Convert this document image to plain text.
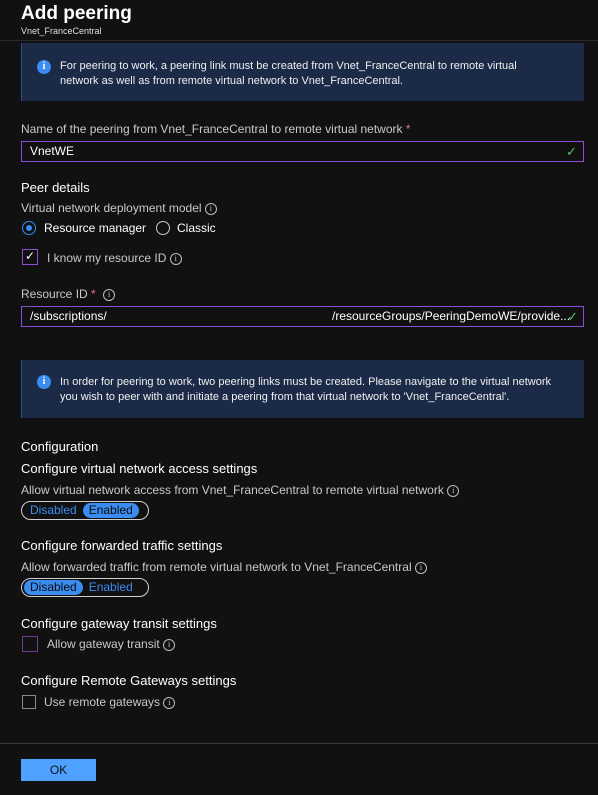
Add peering
Vnet_FranceCentral
i	For peering to work, a peering link must be created from Vnet_FranceCentral to remote virtual network as well as from remote virtual network to Vnet_FranceCentral.
Name of the peering from Vnet_FranceCentral to remote virtual network *
VnetWE	✓
Peer details
Virtual network deployment model i
Resource manager	Classic
✓ I know my resource ID i
Resource ID * i
/subscriptions/	/resourceGroups/PeeringDemoWE/provide...
✓
i	In order for peering to work, two peering links must be created. Please navigate to the virtual network you wish to peer with and initiate a peering from that virtual network to 'Vnet_FranceCentral'.
Configuration
Configure virtual network access settings
Allow virtual network access from Vnet_FranceCentral to remote virtual network i
Disabled	Enabled
Configure forwarded traffic settings
Allow forwarded traffic from remote virtual network to Vnet_FranceCentral i
Disabled	Enabled
Configure gateway transit settings
Allow gateway transit i
Configure Remote Gateways settings
Use remote gateways i
OK
